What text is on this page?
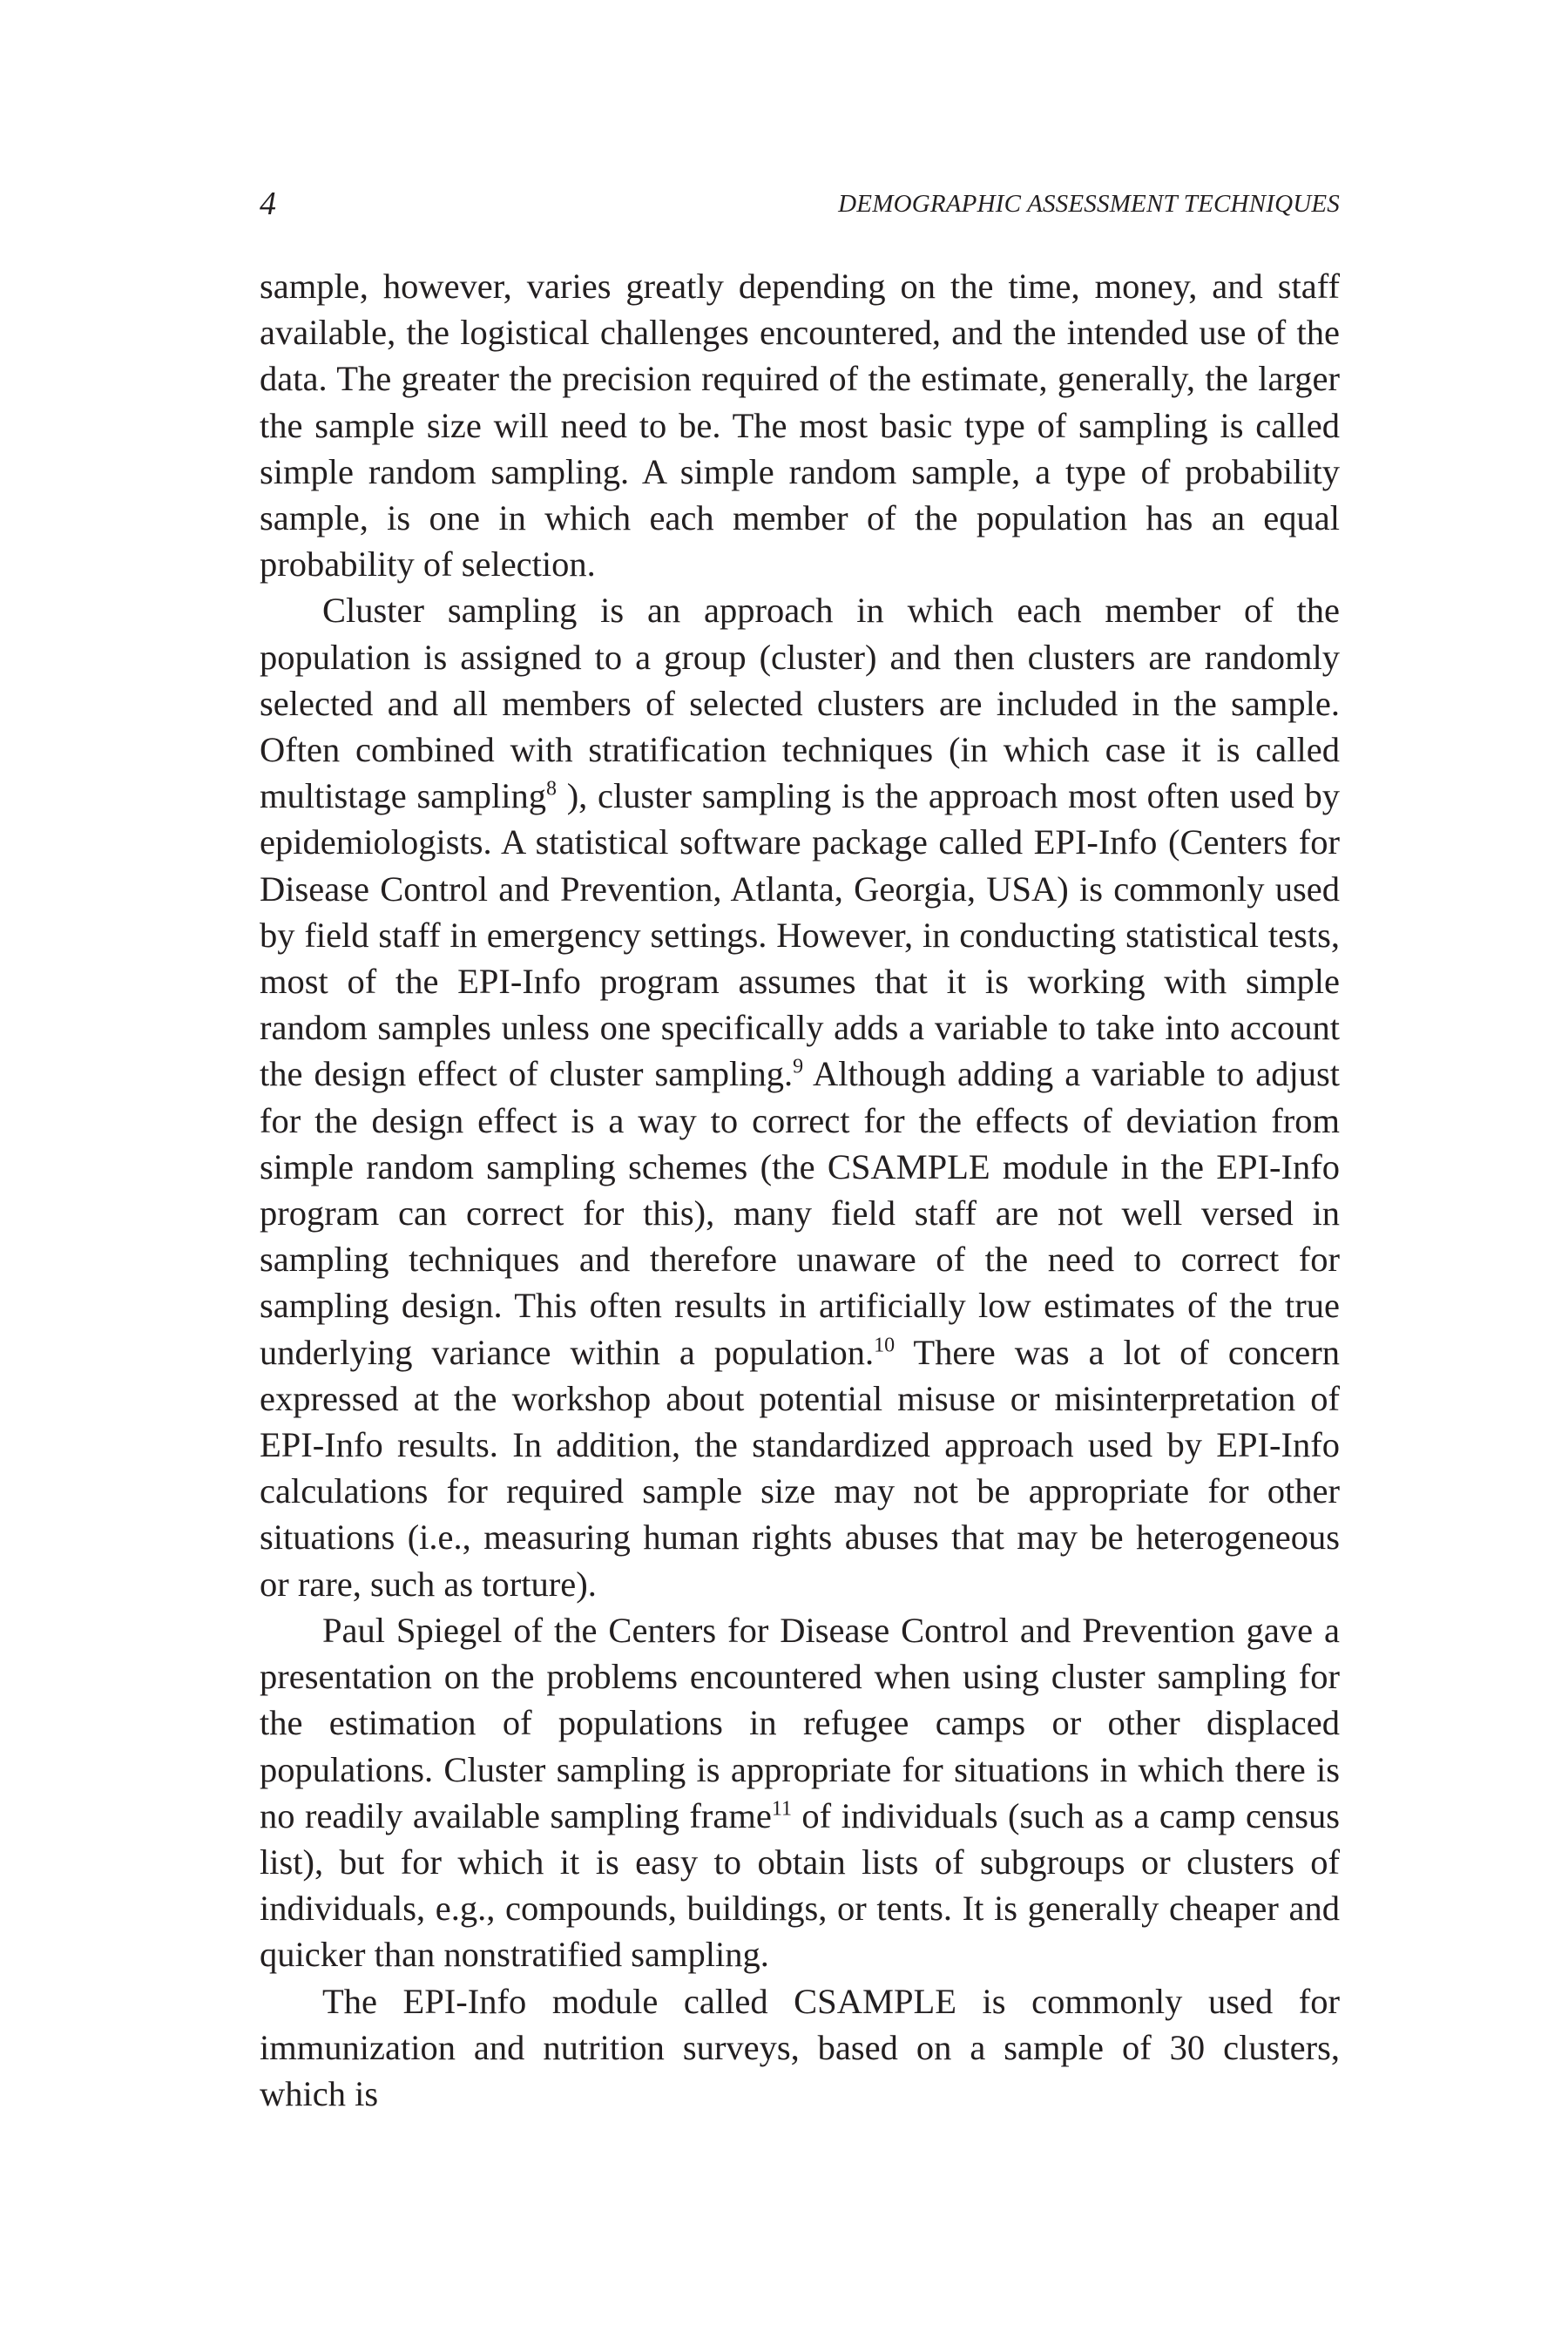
4	DEMOGRAPHIC ASSESSMENT TECHNIQUES

sample, however, varies greatly depending on the time, money, and staff available, the logistical challenges encountered, and the intended use of the data. The greater the precision required of the estimate, generally, the larger the sample size will need to be. The most basic type of sampling is called simple random sampling. A simple random sample, a type of probability sample, is one in which each member of the population has an equal probability of selection.

Cluster sampling is an approach in which each member of the population is assigned to a group (cluster) and then clusters are randomly selected and all members of selected clusters are included in the sample. Often combined with stratification techniques (in which case it is called multistage sampling$^8$ ), cluster sampling is the approach most often used by epidemiologists. A statistical software package called EPI-Info (Centers for Disease Control and Prevention, Atlanta, Georgia, USA) is commonly used by field staff in emergency settings. However, in conducting statistical tests, most of the EPI-Info program assumes that it is working with simple random samples unless one specifically adds a variable to take into account the design effect of cluster sampling.$^9$ Although adding a variable to adjust for the design effect is a way to correct for the effects of deviation from simple random sampling schemes (the CSAMPLE module in the EPI-Info program can correct for this), many field staff are not well versed in sampling techniques and therefore unaware of the need to correct for sampling design. This often results in artificially low estimates of the true underlying variance within a population.$^{10}$ There was a lot of concern expressed at the workshop about potential misuse or misinterpretation of EPI-Info results. In addition, the standardized approach used by EPI-Info calculations for required sample size may not be appropriate for other situations (i.e., measuring human rights abuses that may be heterogeneous or rare, such as torture).

Paul Spiegel of the Centers for Disease Control and Prevention gave a presentation on the problems encountered when using cluster sampling for the estimation of populations in refugee camps or other displaced populations. Cluster sampling is appropriate for situations in which there is no readily available sampling frame$^{11}$ of individuals (such as a camp census list), but for which it is easy to obtain lists of subgroups or clusters of individuals, e.g., compounds, buildings, or tents. It is generally cheaper and quicker than nonstratified sampling.

The EPI-Info module called CSAMPLE is commonly used for immunization and nutrition surveys, based on a sample of 30 clusters, which is
